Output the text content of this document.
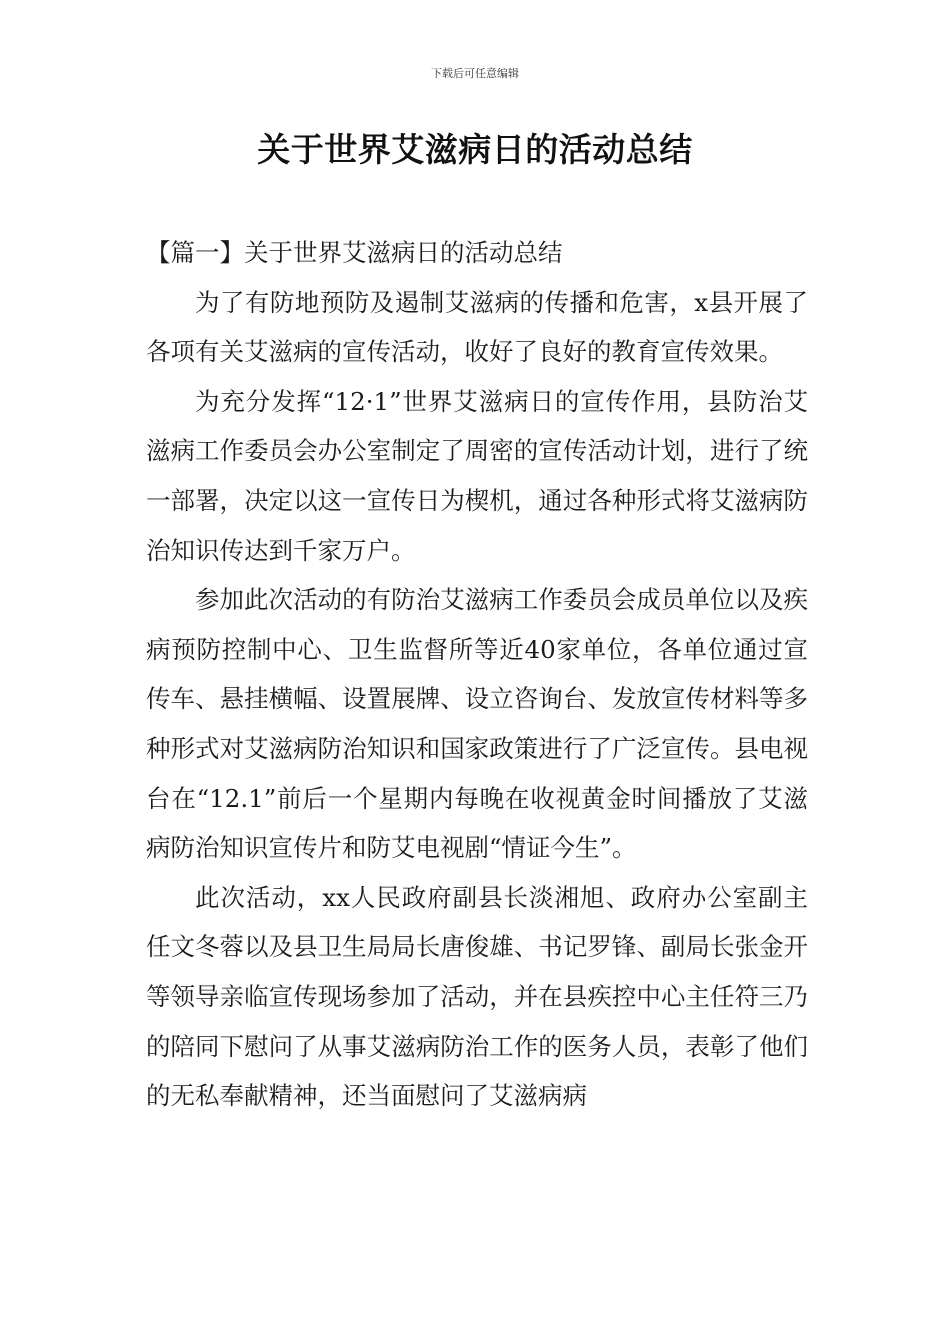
下载后可任意编辑
关于世界艾滋病日的活动总结

【篇一】关于世界艾滋病日的活动总结

为了有防地预防及遏制艾滋病的传播和危害，x县开展了各项有关艾滋病的宣传活动，收好了良好的教育宣传效果。

为充分发挥“12·1”世界艾滋病日的宣传作用，县防治艾滋病工作委员会办公室制定了周密的宣传活动计划，进行了统一部署，决定以这一宣传日为楔机，通过各种形式将艾滋病防治知识传达到千家万户。

参加此次活动的有防治艾滋病工作委员会成员单位以及疾病预防控制中心、卫生监督所等近40家单位，各单位通过宣传车、悬挂横幅、设置展牌、设立咨询台、发放宣传材料等多种形式对艾滋病防治知识和国家政策进行了广泛宣传。县电视台在“12.1”前后一个星期内每晚在收视黄金时间播放了艾滋病防治知识宣传片和防艾电视剧“情证今生”。

此次活动，xx人民政府副县长淡湘旭、政府办公室副主任文冬蓉以及县卫生局局长唐俊雄、书记罗锋、副局长张金开等领导亲临宣传现场参加了活动，并在县疾控中心主任符三乃的陪同下慰问了从事艾滋病防治工作的医务人员，表彰了他们的无私奉献精神，还当面慰问了艾滋病病
